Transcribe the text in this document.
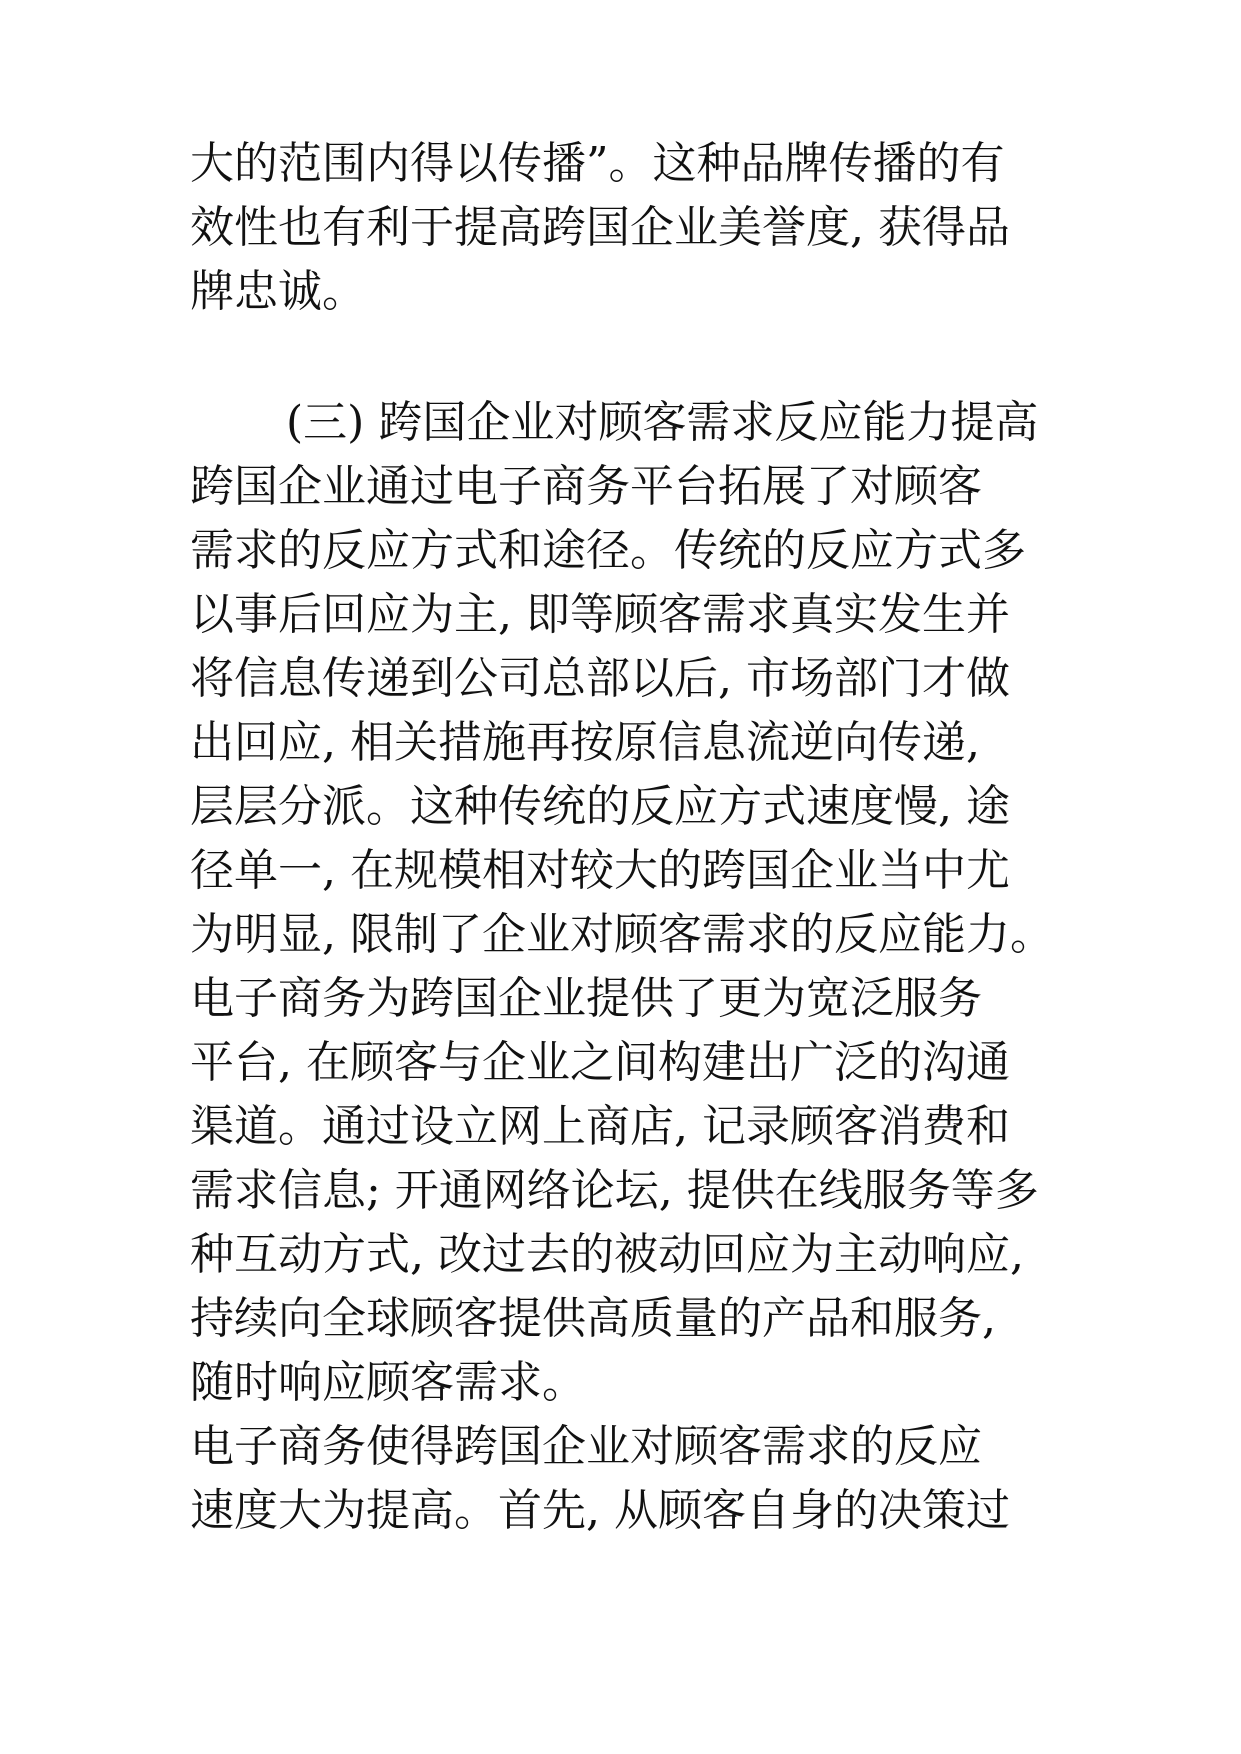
大的范围内得以传播”。这种品牌传播的有
效性也有利于提高跨国企业美誉度, 获得品
牌忠诚。
(三) 跨国企业对顾客需求反应能力提高
跨国企业通过电子商务平台拓展了对顾客
需求的反应方式和途径。传统的反应方式多
以事后回应为主, 即等顾客需求真实发生并
将信息传递到公司总部以后, 市场部门才做
出回应, 相关措施再按原信息流逆向传递,
层层分派。这种传统的反应方式速度慢, 途
径单一, 在规模相对较大的跨国企业当中尤
为明显, 限制了企业对顾客需求的反应能力。
电子商务为跨国企业提供了更为宽泛服务
平台, 在顾客与企业之间构建出广泛的沟通
渠道。通过设立网上商店, 记录顾客消费和
需求信息; 开通网络论坛, 提供在线服务等多
种互动方式, 改过去的被动回应为主动响应,
持续向全球顾客提供高质量的产品和服务,
随时响应顾客需求。
电子商务使得跨国企业对顾客需求的反应
速度大为提高。首先, 从顾客自身的决策过
